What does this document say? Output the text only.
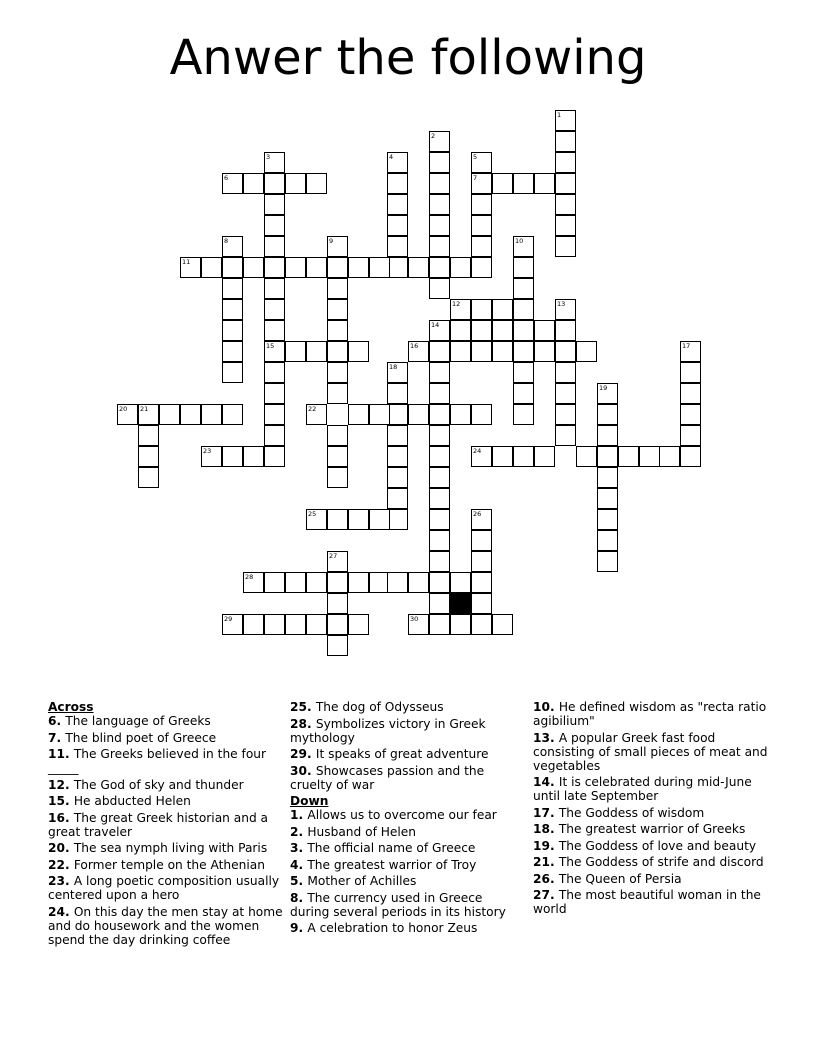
Anwer the following
1
2
3
15
4	5
7
6
8	9	10
11
12	13
14
16	17
18
19
20 21	22
23	24
25	26
27
28
29	30

Across

6. The language of Greeks

7. The blind poet of Greece

11. The Greeks believed in the four _____

12. The God of sky and thunder

15. He abducted Helen

16. The great Greek historian and a great traveler

20. The sea nymph living with Paris

22. Former temple on the Athenian

23. A long poetic composition usually centered upon a hero

24. On this day the men stay at home and do housework and the women spend the day drinking coffee

25. The dog of Odysseus

28. Symbolizes victory in Greek mythology

29. It speaks of great adventure

30. Showcases passion and the cruelty of war

Down

1. Allows us to overcome our fear

2. Husband of Helen

3. The official name of Greece

4. The greatest warrior of Troy

5. Mother of Achilles

8. The currency used in Greece during several periods in its history

9. A celebration to honor Zeus

10. He defined wisdom as "recta ratio agibilium"

13. A popular Greek fast food consisting of small pieces of meat and vegetables

14. It is celebrated during mid-June until late September

17. The Goddess of wisdom

18. The greatest warrior of Greeks

19. The Goddess of love and beauty

21. The Goddess of strife and discord

26. The Queen of Persia

27. The most beautiful woman in the world
